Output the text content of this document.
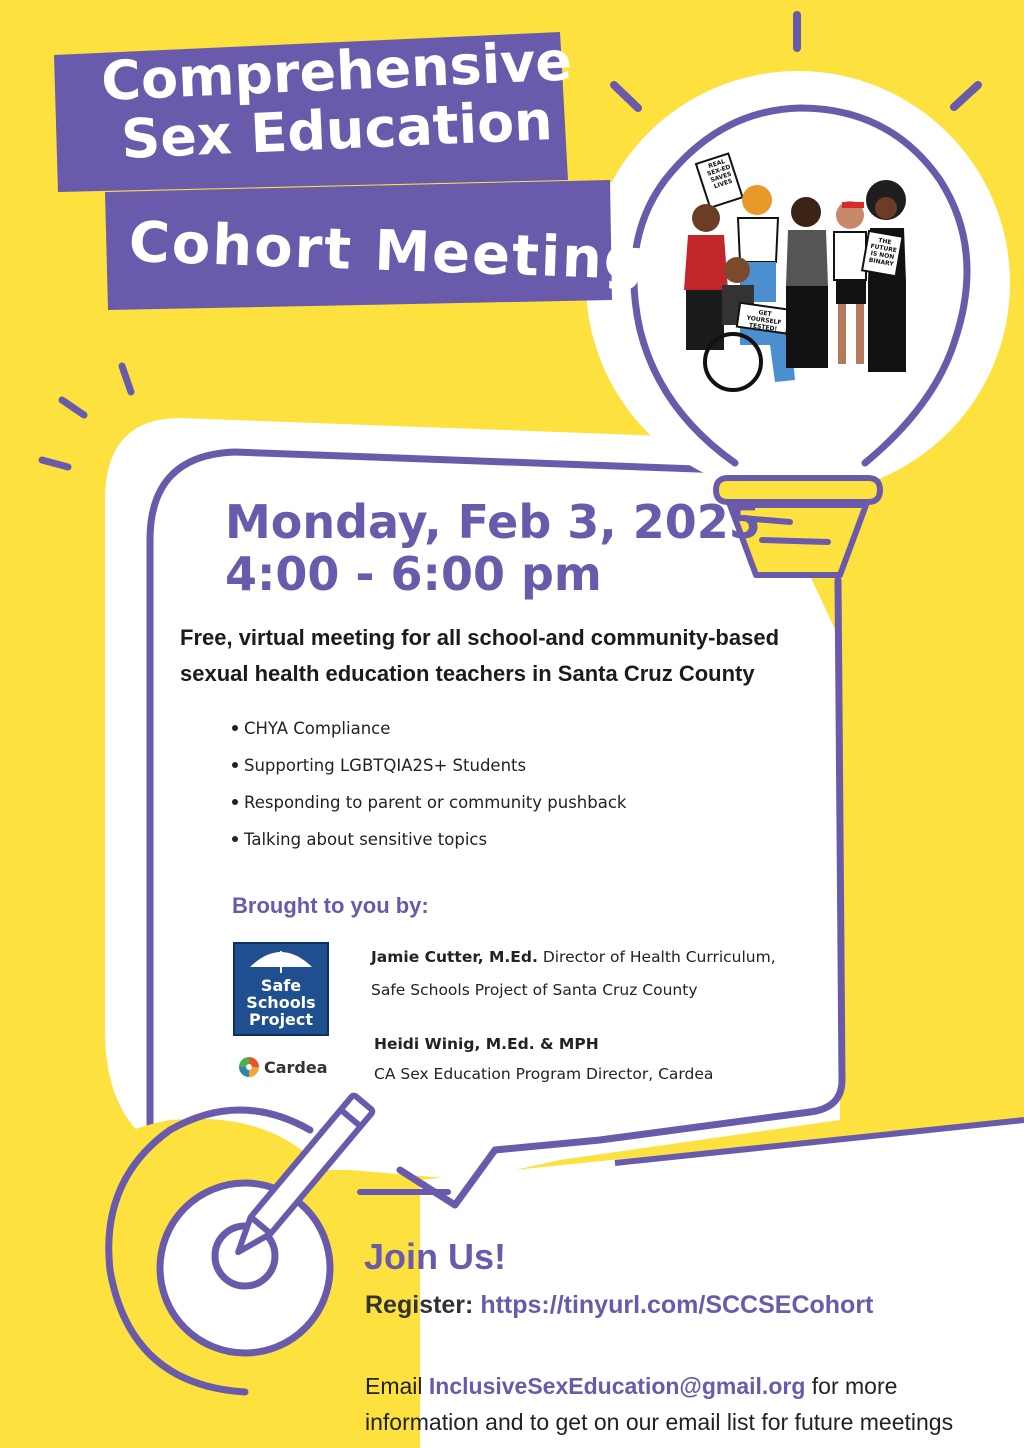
Comprehensive
Sex Education
Cohort Meeting
REAL SEX-ED SAVES LIVES
GET YOURSELF TESTED!
THE FUTURE IS NON BINARY
Monday, Feb 3, 2025
4:00 - 6:00 pm
Free, virtual meeting for all school-and community-based sexual health education teachers in Santa Cruz County
CHYA Compliance
Supporting LGBTQIA2S+ Students
Responding to parent or community pushback
Talking about sensitive topics
Brought to you by:
Safe Schools Project
Cardea
Jamie Cutter, M.Ed. Director of Health Curriculum,
Safe Schools Project of Santa Cruz County
Heidi Winig, M.Ed. & MPH
CA Sex Education Program Director, Cardea
Join Us!
Register: https://tinyurl.com/SCCSECohort
Email InclusiveSexEducation@gmail.org for more information and to get on our email list for future meetings
